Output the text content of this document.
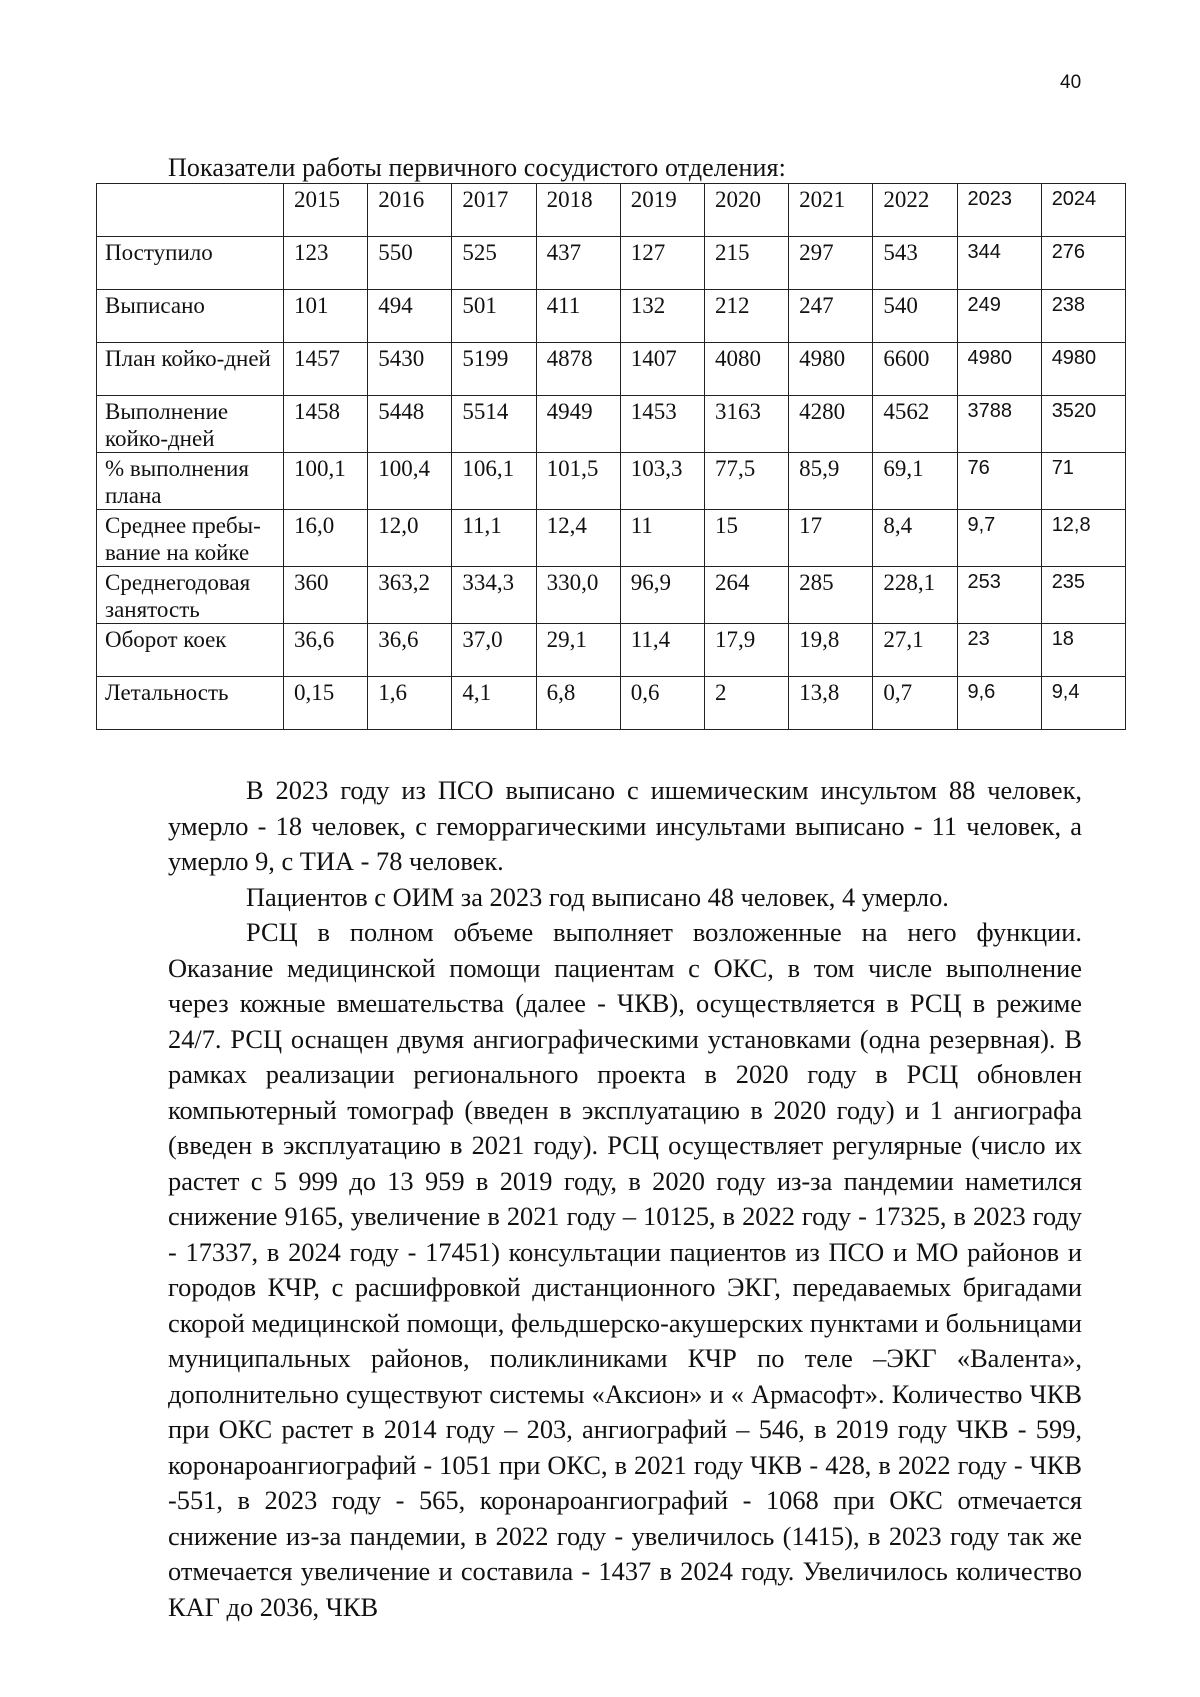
40
Показатели работы первичного сосудистого отделения:
	2015	2016	2017	2018	2019	2020	2021	2022	2023	2024
Поступило	123	550	525	437	127	215	297	543	344	276
Выписано	101	494	501	411	132	212	247	540	249	238
План койко-дней	1457	5430	5199	4878	1407	4080	4980	6600	4980	4980
Выполнение койко-дней	1458	5448	5514	4949	1453	3163	4280	4562	3788	3520
% выполнения плана	100,1	100,4	106,1	101,5	103,3	77,5	85,9	69,1	76	71
Среднее пребы-вание на койке	16,0	12,0	11,1	12,4	11	15	17	8,4	9,7	12,8
Среднегодовая занятость	360	363,2	334,3	330,0	96,9	264	285	228,1	253	235
Оборот коек	36,6	36,6	37,0	29,1	11,4	17,9	19,8	27,1	23	18
Летальность	0,15	1,6	4,1	6,8	0,6	2	13,8	0,7	9,6	9,4

В 2023 году из ПСО выписано с ишемическим инсультом 88 человек, умерло - 18 человек, с геморрагическими инсультами выписано - 11 человек, а умерло 9, с ТИА - 78 человек.

Пациентов с ОИМ за 2023 год выписано 48 человек, 4 умерло.

РСЦ в полном объеме выполняет возложенные на него функции. Оказание медицинской помощи пациентам с ОКС, в том числе выполнение через кожные вмешательства (далее - ЧКВ), осуществляется в РСЦ в режиме 24/7. РСЦ оснащен двумя ангиографическими установками (одна резервная). В рамках реализации регионального проекта в 2020 году в РСЦ обновлен компьютерный томограф (введен в эксплуатацию в 2020 году) и 1 ангиографа (введен в эксплуатацию в 2021 году). РСЦ осуществляет регулярные (число их растет с 5 999 до 13 959 в 2019 году, в 2020 году из-за пандемии наметился снижение 9165, увеличение в 2021 году – 10125, в 2022 году - 17325, в 2023 году - 17337, в 2024 году - 17451) консультации пациентов из ПСО и МО районов и городов КЧР, с расшифровкой дистанционного ЭКГ, передаваемых бригадами скорой медицинской помощи, фельдшерско-акушерских пунктами и больницами муниципальных районов, поликлиниками КЧР по теле –ЭКГ «Валента», дополнительно существуют системы «Аксион» и « Армасофт». Количество ЧКВ при ОКС растет в 2014 году – 203, ангиографий – 546, в 2019 году ЧКВ - 599, коронароангиографий - 1051 при ОКС, в 2021 году ЧКВ - 428, в 2022 году - ЧКВ -551, в 2023 году - 565, коронароангиографий - 1068 при ОКС отмечается снижение из-за пандемии, в 2022 году - увеличилось (1415), в 2023 году так же отмечается увеличение и составила - 1437 в 2024 году. Увеличилось количество КАГ до 2036, ЧКВ
